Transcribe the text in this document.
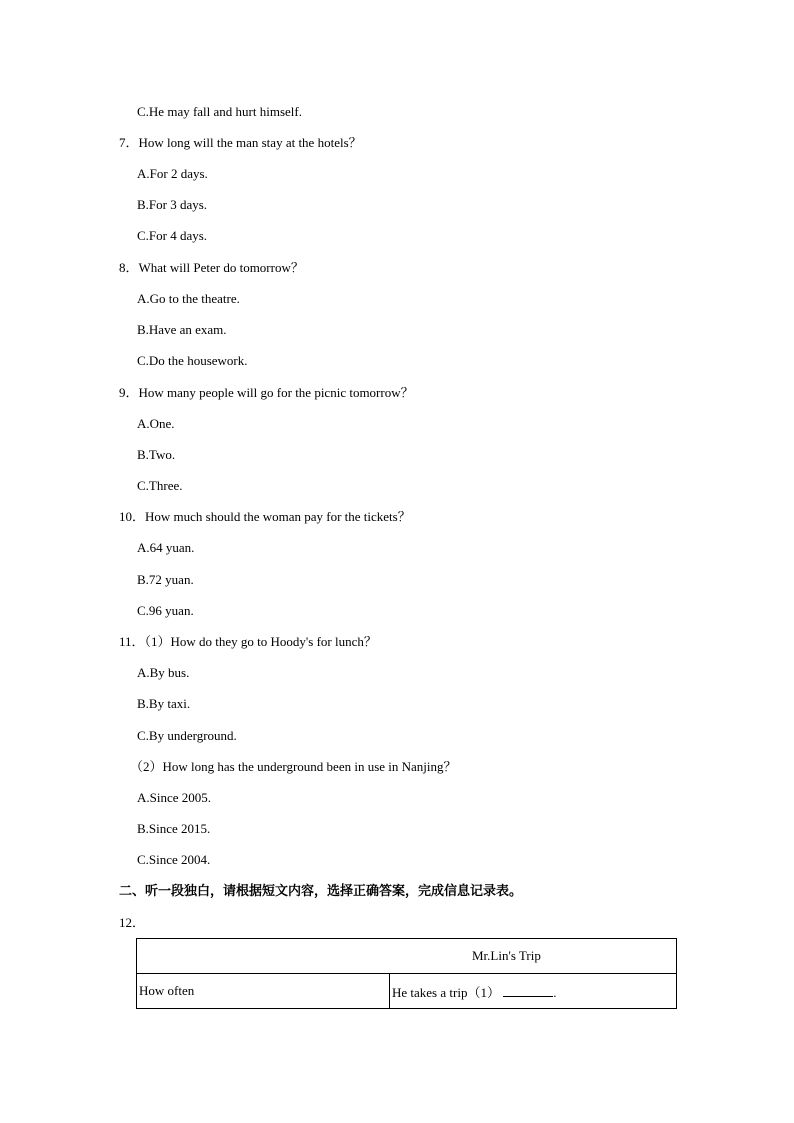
C.He may fall and hurt himself.
7．How long will the man stay at the hotels？
A.For 2 days.
B.For 3 days.
C.For 4 days.
8．What will Peter do tomorrow？
A.Go to the theatre.
B.Have an exam.
C.Do the housework.
9．How many people will go for the picnic tomorrow？
A.One.
B.Two.
C.Three.
10．How much should the woman pay for the tickets？
A.64 yuan.
B.72 yuan.
C.96 yuan.
11．（1）How do they go to Hoody's for lunch？
A.By bus.
B.By taxi.
C.By underground.
（2）How long has the underground been in use in Nanjing？
A.Since 2005.
B.Since 2015.
C.Since 2004.
二、听一段独白，请根据短文内容，选择正确答案，完成信息记录表。
12．
Mr.Lin's Trip
How often	He takes a trip（1）	.
